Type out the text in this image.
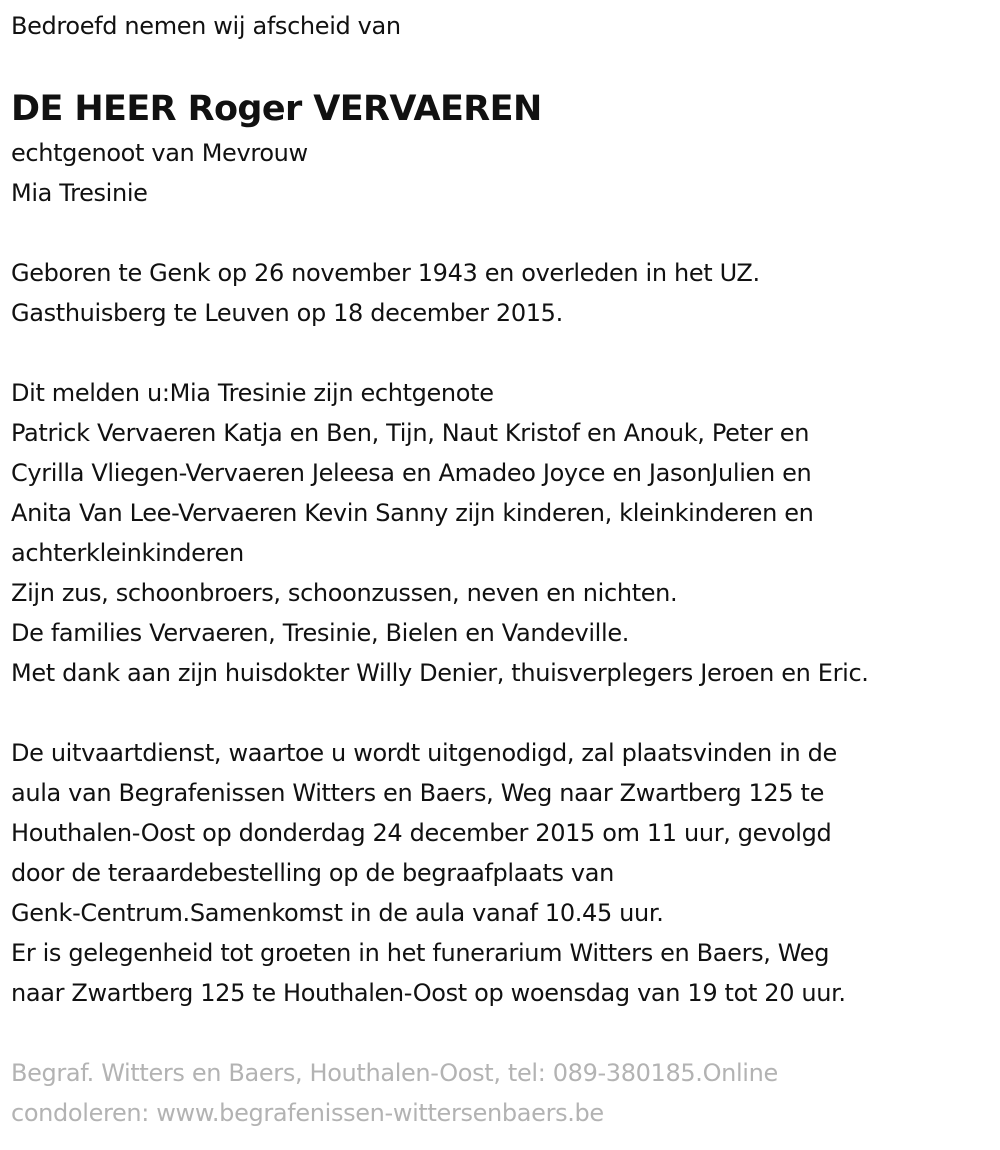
Bedroefd nemen wij afscheid van
DE HEER Roger VERVAEREN
echtgenoot van Mevrouw
Mia Tresinie
Geboren te Genk op 26 november 1943 en overleden in het UZ.
Gasthuisberg te Leuven op 18 december 2015.
Dit melden u:Mia Tresinie zijn echtgenote
Patrick Vervaeren Katja en Ben, Tijn, Naut Kristof en Anouk, Peter en
Cyrilla Vliegen-Vervaeren Jeleesa en Amadeo Joyce en JasonJulien en
Anita Van Lee-Vervaeren Kevin Sanny zijn kinderen, kleinkinderen en
achterkleinkinderen
Zijn zus, schoonbroers, schoonzussen, neven en nichten.
De families Vervaeren, Tresinie, Bielen en Vandeville.
Met dank aan zijn huisdokter Willy Denier, thuisverplegers Jeroen en Eric.
De uitvaartdienst, waartoe u wordt uitgenodigd, zal plaatsvinden in de
aula van Begrafenissen Witters en Baers, Weg naar Zwartberg 125 te
Houthalen-Oost op donderdag 24 december 2015 om 11 uur, gevolgd
door de teraardebestelling op de begraafplaats van
Genk-Centrum.Samenkomst in de aula vanaf 10.45 uur.
Er is gelegenheid tot groeten in het funerarium Witters en Baers, Weg
naar Zwartberg 125 te Houthalen-Oost op woensdag van 19 tot 20 uur.
Begraf. Witters en Baers, Houthalen-Oost, tel: 089-380185.Online
condoleren: www.begrafenissen-wittersenbaers.be
